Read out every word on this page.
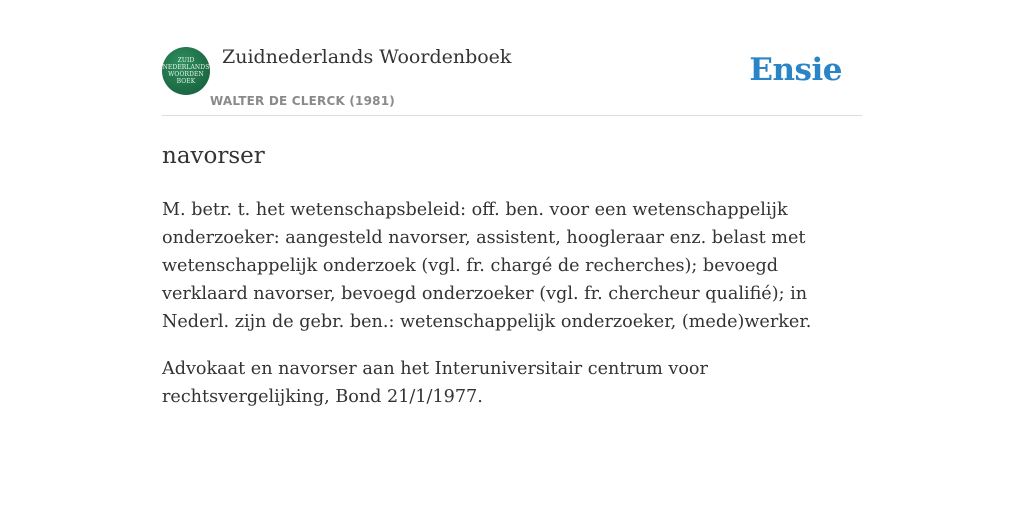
ZUID
NEDERLANDS
WOORDEN
BOEK
Zuidnederlands Woordenboek
WALTER DE CLERCK (1981)
Ensie
navorser

M. betr. t. het wetenschapsbeleid: off. ben. voor een wetenschappelijk onderzoeker: aangesteld navorser, assistent, hoogleraar enz. belast met wetenschappelijk onderzoek (vgl. fr. chargé de recherches); bevoegd verklaard navorser, bevoegd onderzoeker (vgl. fr. chercheur qualifié); in Nederl. zijn de gebr. ben.: wetenschappelijk onderzoeker, (mede)werker.

Advokaat en navorser aan het Interuniversitair centrum voor rechtsvergelijking, Bond 21/1/1977.
